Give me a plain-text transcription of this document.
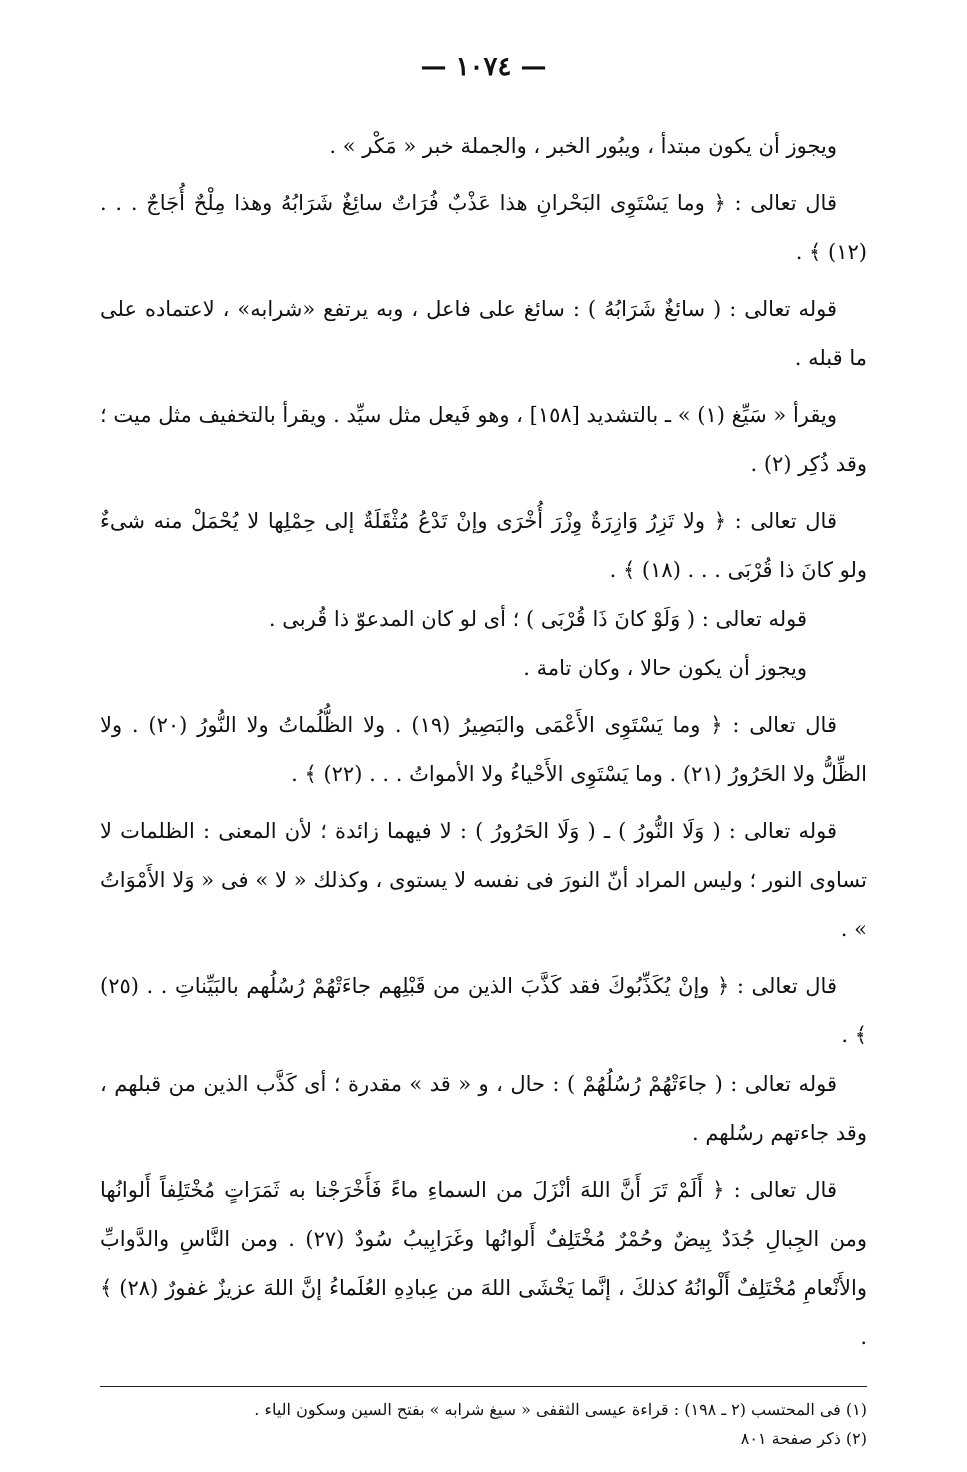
— ١٠٧٤ —

ويجوز أن يكون مبتدأ ، ويبُور الخبر ، والجملة خبر « مَكْر » .

قال تعالى : ﴿ وما يَسْتَوِى البَحْرانِ هذا عَذْبٌ فُرَاتٌ سائِغٌ شَرَابُهُ وهذا مِلْحٌ أُجَاجٌ . . . (١٢) ﴾ .

قوله تعالى : ( سائغٌ شَرَابُهُ ) : سائغ على فاعل ، وبه يرتفع «شرابه» ، لاعتماده على ما قبله .

ويقرأ « سَيِّغ (١) » ـ بالتشديد [١٥٨] ، وهو فَيعل مثل سيِّد . ويقرأ بالتخفيف مثل ميت ؛ وقد ذُكِر (٢) .

قال تعالى : ﴿ ولا تَزِرُ وَازِرَةٌ وِزْرَ أُخْرَى وإنْ تَدْعُ مُثْقَلَةٌ إلى حِمْلِها لا يُحْمَلْ منه شىءٌ ولو كانَ ذا قُرْبَى . . . (١٨) ﴾ .

قوله تعالى : ( وَلَوْ كانَ ذَا قُرْبَى ) ؛ أى لو كان المدعوّ ذا قُربى .

ويجوز أن يكون حالا ، وكان تامة .

قال تعالى : ﴿ وما يَسْتَوِى الأَعْمَى والبَصِيرُ (١٩) . ولا الظُّلُماتُ ولا النُّورُ (٢٠) . ولا الظِّلُّ ولا الحَرُورُ (٢١) . وما يَسْتَوِى الأَحْياءُ ولا الأمواتُ . . . (٢٢) ﴾ .

قوله تعالى : ( وَلَا النُّورُ ) ـ ( وَلَا الحَرُورُ ) : لا فيهما زائدة ؛ لأن المعنى : الظلمات لا تساوى النور ؛ وليس المراد أنّ النورَ فى نفسه لا يستوى ، وكذلك « لا » فى « وَلا الأَمْوَاتُ » .

قال تعالى : ﴿ وإنْ يُكَذِّبُوكَ فقد كَذَّبَ الذين من قَبْلِهم جاءَتْهُمْ رُسُلُهم بالبَيِّناتِ . . (٢٥) ﴾ .

قوله تعالى : ( جاءَتْهُمْ رُسُلُهُمْ ) : حال ، و « قد » مقدرة ؛ أى كَذَّب الذين من قبلهم ، وقد جاءتهم رسُلهم .

قال تعالى : ﴿ أَلَمْ تَرَ أَنَّ اللهَ أنْزَلَ من السماءِ ماءً فَأَخْرَجْنا به ثَمَرَاتٍ مُخْتَلِفاً أَلوانُها ومن الجِبالِ جُدَدٌ بِيضٌ وحُمْرٌ مُخْتَلِفٌ أَلوانُها وغَرَابِيبُ سُودٌ (٢٧) . ومن النَّاسِ والدَّوابِّ والأَنْعامِ مُخْتَلِفٌ أَلْوانُهُ كذلكَ ، إنَّما يَخْشَى اللهَ من عِبادِهِ العُلَماءُ إنَّ اللهَ عزيزٌ غفورٌ (٢٨) ﴾ .

(١) فى المحتسب (٢ ـ ١٩٨) : قراءة عيسى الثقفى « سيغ شرابه » بفتح السين وسكون الياء .

(٢) ذكر صفحة ٨٠١
